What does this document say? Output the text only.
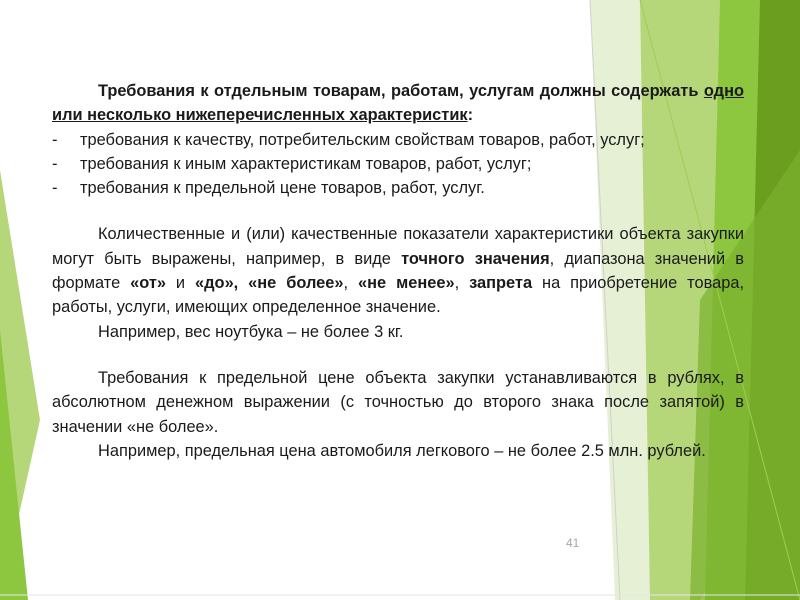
Требования к отдельным товарам, работам, услугам должны содержать одно или несколько нижеперечисленных характеристик:

- требования к качеству, потребительским свойствам товаров, работ, услуг;
- требования к иным характеристикам товаров, работ, услуг;
- требования к предельной цене товаров, работ, услуг.

Количественные и (или) качественные показатели характеристики объекта закупки могут быть выражены, например, в виде точного значения, диапазона значений в формате «от» и «до», «не более», «не менее», запрета на приобретение товара, работы, услуги, имеющих определенное значение.

Например, вес ноутбука – не более 3 кг.

Требования к предельной цене объекта закупки устанавливаются в рублях, в абсолютном денежном выражении (с точностью до второго знака после запятой) в значении «не более».

Например, предельная цена автомобиля легкового – не более 2.5 млн. рублей.

41
